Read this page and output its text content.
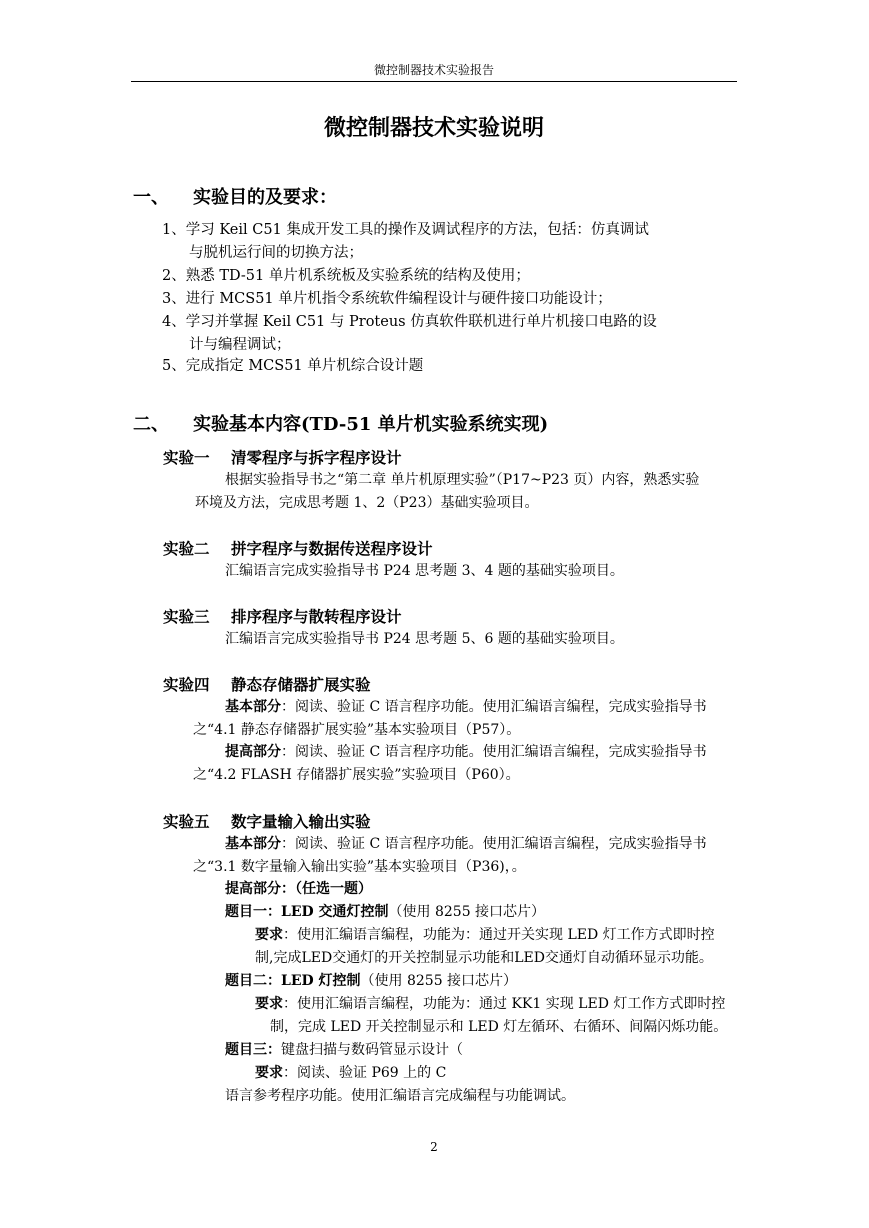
微控制器技术实验报告
微控制器技术实验说明
一、 实验目的及要求：
1、学习 Keil C51 集成开发工具的操作及调试程序的方法，包括：仿真调试
与脱机运行间的切换方法；
2、熟悉 TD-51 单片机系统板及实验系统的结构及使用；
3、进行 MCS51 单片机指令系统软件编程设计与硬件接口功能设计；
4、学习并掌握 Keil C51 与 Proteus 仿真软件联机进行单片机接口电路的设
计与编程调试；
5、完成指定 MCS51 单片机综合设计题
二、 实验基本内容(TD-51 单片机实验系统实现)
实验一 清零程序与拆字程序设计
根据实验指导书之“第二章 单片机原理实验”（P17~P23 页）内容，熟悉实验
环境及方法，完成思考题 1、2（P23）基础实验项目。
实验二 拼字程序与数据传送程序设计
汇编语言完成实验指导书 P24 思考题 3、4 题的基础实验项目。
实验三 排序程序与散转程序设计
汇编语言完成实验指导书 P24 思考题 5、6 题的基础实验项目。
实验四 静态存储器扩展实验
基本部分：阅读、验证 C 语言程序功能。使用汇编语言编程，完成实验指导书
之“4.1 静态存储器扩展实验”基本实验项目（P57）。
提高部分：阅读、验证 C 语言程序功能。使用汇编语言编程，完成实验指导书
之“4.2 FLASH 存储器扩展实验”实验项目（P60）。
实验五 数字量输入输出实验
基本部分：阅读、验证 C 语言程序功能。使用汇编语言编程，完成实验指导书
之“3.1 数字量输入输出实验”基本实验项目（P36)，。
提高部分：（任选一题）
题目一：LED 交通灯控制（使用 8255 接口芯片）
要求：使用汇编语言编程，功能为：通过开关实现 LED 灯工作方式即时控
制,完成LED交通灯的开关控制显示功能和LED交通灯自动循环显示功能。
题目二：LED 灯控制（使用 8255 接口芯片）
要求：使用汇编语言编程，功能为：通过 KK1 实现 LED 灯工作方式即时控
制，完成 LED 开关控制显示和 LED 灯左循环、右循环、间隔闪烁功能。
题目三：键盘扫描与数码管显示设计（
要求：阅读、验证 P69 上的 C
语言参考程序功能。使用汇编语言完成编程与功能调试。
2
